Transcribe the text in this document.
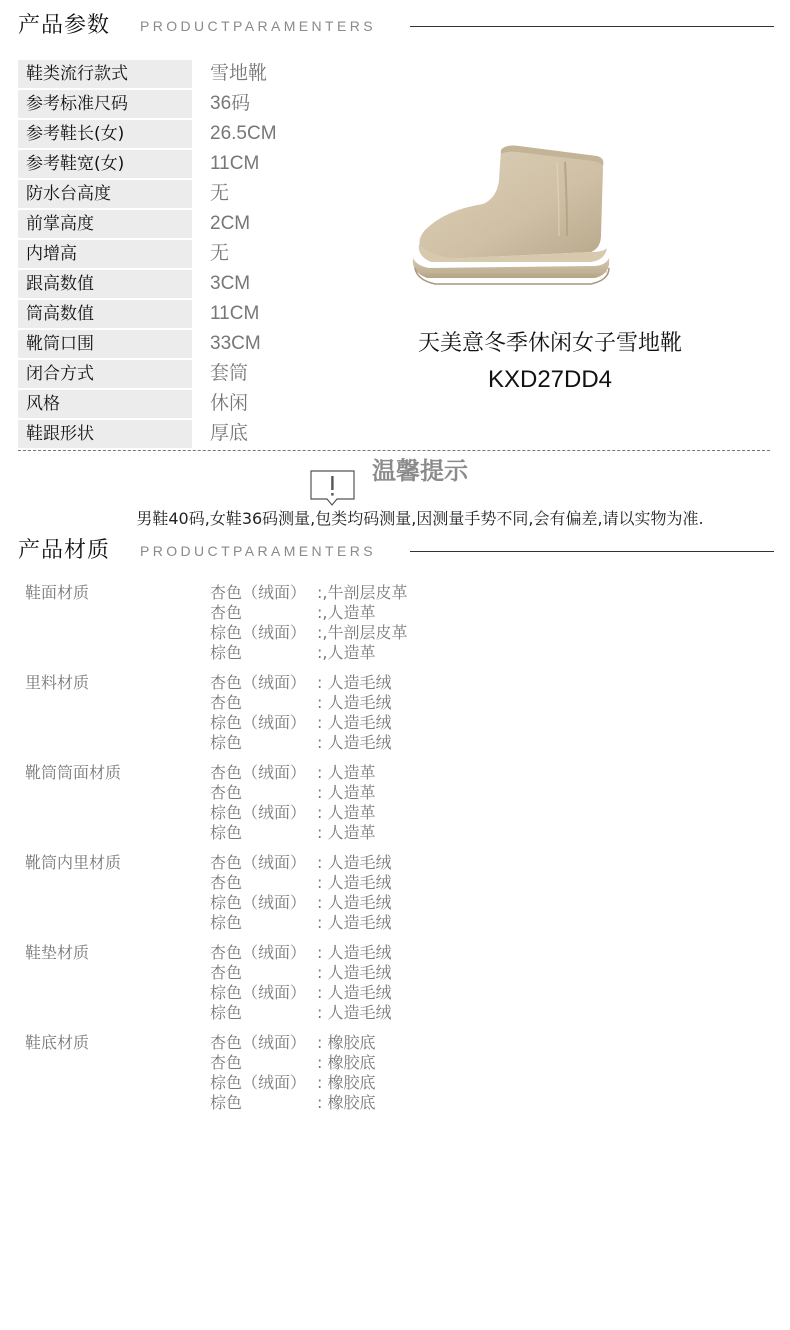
产品参数 PRODUCTPARAMENTERS
鞋类流行款式	雪地靴
参考标准尺码	36码
参考鞋长(女)	26.5CM
参考鞋宽(女)	11CM
防水台高度	无
前掌高度	2CM
内增高	无
跟高数值	3CM
筒高数值	11CM
靴筒口围	33CM
闭合方式	套筒
风格	休闲
鞋跟形状	厚底
天美意冬季休闲女子雪地靴
KXD27DD4
温馨提示
男鞋40码,女鞋36码测量,包类均码测量,因测量手势不同,会有偏差,请以实物为准.
产品材质 PRODUCTPARAMENTERS
鞋面材质	杏色（绒面） :,牛剖层皮革
杏色	:,人造革
棕色（绒面） :,牛剖层皮革
棕色	:,人造革
里料材质	杏色（绒面） : 人造毛绒
杏色	: 人造毛绒
棕色（绒面） : 人造毛绒
棕色	: 人造毛绒
靴筒筒面材质	杏色（绒面） : 人造革
杏色	: 人造革
棕色（绒面） : 人造革
棕色	: 人造革
靴筒内里材质	杏色（绒面） : 人造毛绒
杏色	: 人造毛绒
棕色（绒面） : 人造毛绒
棕色	: 人造毛绒
鞋垫材质	杏色（绒面） : 人造毛绒
杏色	: 人造毛绒
棕色（绒面） : 人造毛绒
棕色	: 人造毛绒
鞋底材质	杏色（绒面） : 橡胶底
杏色	: 橡胶底
棕色（绒面） : 橡胶底
棕色	: 橡胶底
